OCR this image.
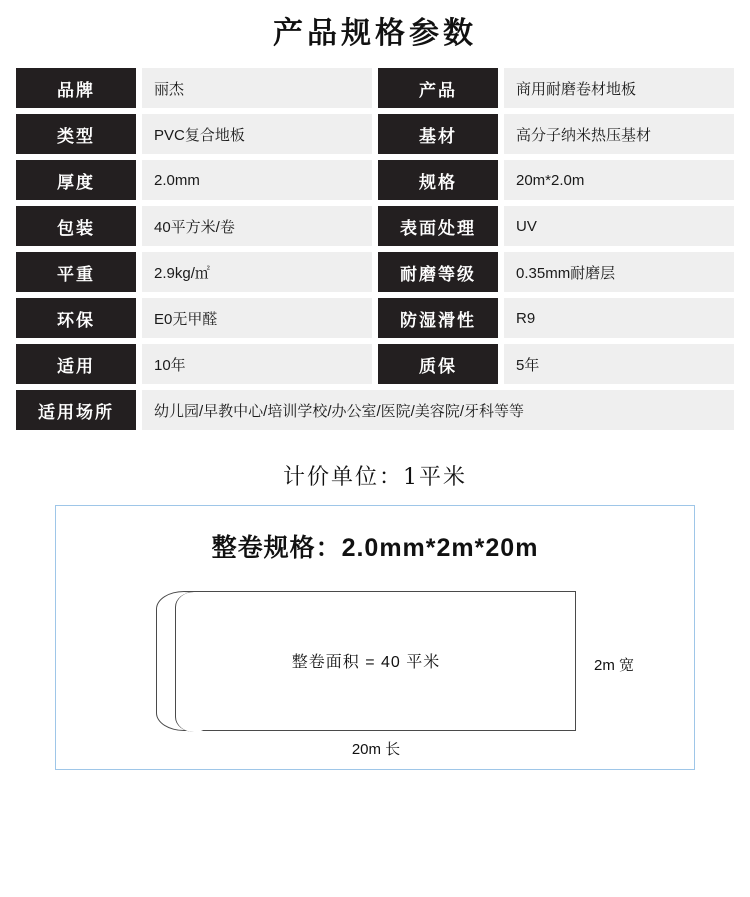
产品规格参数
品牌	丽杰	产品	商用耐磨卷材地板
类型	PVC复合地板	基材	高分子纳米热压基材
厚度	2.0mm	规格	20m*2.0m
包装	40平方米/卷	表面处理	UV
平重	2.9kg/㎡	耐磨等级	0.35mm耐磨层
环保	E0无甲醛	防湿滑性	R9
适用	10年	质保	5年
适用场所	幼儿园/早教中心/培训学校/办公室/医院/美容院/牙科等等		
计价单位：1平米
整卷规格：2.0mm*2m*20m
整卷面积 = 40 平米	2m 宽
20m 长
